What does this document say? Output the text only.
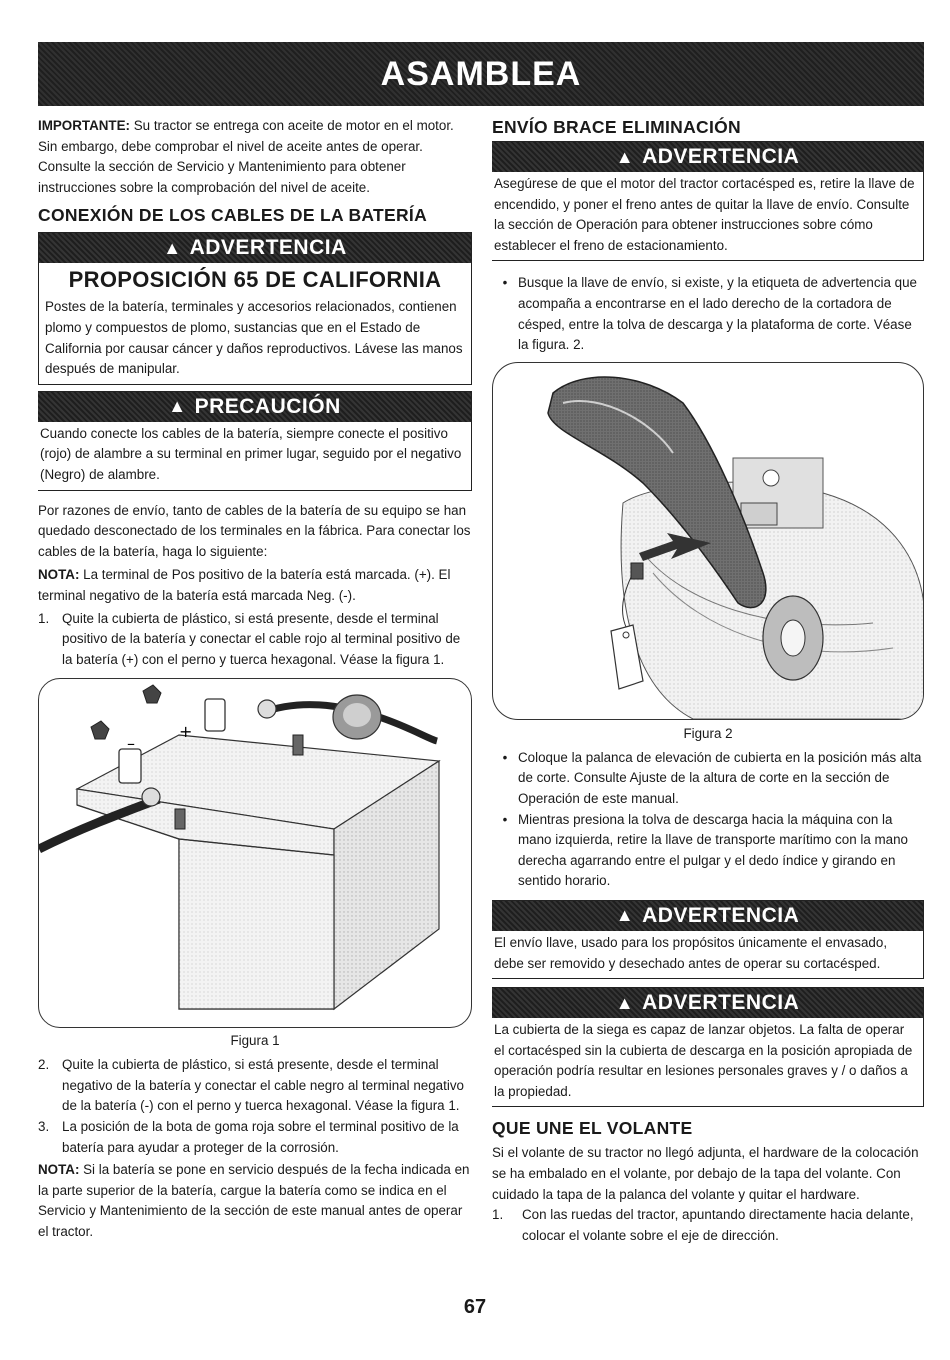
ASAMBLEA

IMPORTANTE: Su tractor se entrega con aceite de motor en el motor. Sin embargo, debe comprobar el nivel de aceite antes de operar. Consulte la sección de Servicio y Mantenimiento para obtener instrucciones sobre la comprobación del nivel de aceite.

CONEXIÓN DE LOS CABLES DE LA BATERÍA
▲ ADVERTENCIA
PROPOSICIÓN 65 DE CALIFORNIA

Postes de la batería, terminales y accesorios relacionados, contienen plomo y compuestos de plomo, sustancias que en el Estado de California por causar cáncer y daños reproductivos. Lávese las manos después de manipular.

▲ PRECAUCIÓN

Cuando conecte los cables de la batería, siempre conecte el positivo (rojo) de alambre a su terminal en primer lugar, seguido por el negativo (Negro) de alambre.

Por razones de envío, tanto de cables de la batería de su equipo se han quedado desconectado de los terminales en la fábrica. Para conectar los cables de la batería, haga lo siguiente:

NOTA: La terminal de Pos positivo de la batería está marcada. (+). El terminal negativo de la batería está marcada Neg. (-).

1. Quite la cubierta de plástico, si está presente, desde el terminal positivo de la batería y conectar el cable rojo al terminal positivo de la batería (+) con el perno y tuerca hexagonal. Véase la figura 1.

+
–
Figura 1
2. Quite la cubierta de plástico, si está presente, desde el terminal negativo de la batería y conectar el cable negro al terminal negativo de la batería (-) con el perno y tuerca hexagonal. Véase la figura 1.

3. La posición de la bota de goma roja sobre el terminal positivo de la batería para ayudar a proteger de la corrosión.

NOTA: Si la batería se pone en servicio después de la fecha indicada en la parte superior de la batería, cargue la batería como se indica en el Servicio y Mantenimiento de la sección de este manual antes de operar el tractor.

ENVÍO BRACE ELIMINACIÓN
▲ ADVERTENCIA

Asegúrese de que el motor del tractor cortacésped es, retire la llave de encendido, y poner el freno antes de quitar la llave de envío. Consulte la sección de Operación para obtener instrucciones sobre cómo establecer el freno de estacionamiento.

• Busque la llave de envío, si existe, y la etiqueta de advertencia que acompaña a encontrarse en el lado derecho de la cortadora de césped, entre la tolva de descarga y la plataforma de corte. Véase la figura. 2.

Figura 2
• Coloque la palanca de elevación de cubierta en la posición más alta de corte. Consulte Ajuste de la altura de corte en la sección de Operación de este manual.

• Mientras presiona la tolva de descarga hacia la máquina con la mano izquierda, retire la llave de transporte marítimo con la mano derecha agarrando entre el pulgar y el dedo índice y girando en sentido horario.

▲ ADVERTENCIA

El envío llave, usado para los propósitos únicamente el envasado, debe ser removido y desechado antes de operar su cortacésped.

▲ ADVERTENCIA

La cubierta de la siega es capaz de lanzar objetos. La falta de operar el cortacésped sin la cubierta de descarga en la posición apropiada de operación podría resultar en lesiones personales graves y / o daños a la propiedad.

QUE UNE EL VOLANTE

Si el volante de su tractor no llegó adjunta, el hardware de la colocación se ha embalado en el volante, por debajo de la tapa del volante. Con cuidado la tapa de la palanca del volante y quitar el hardware.

1.	Con las ruedas del tractor, apuntando directamente hacia delante, colocar el volante sobre el eje de dirección.

67
